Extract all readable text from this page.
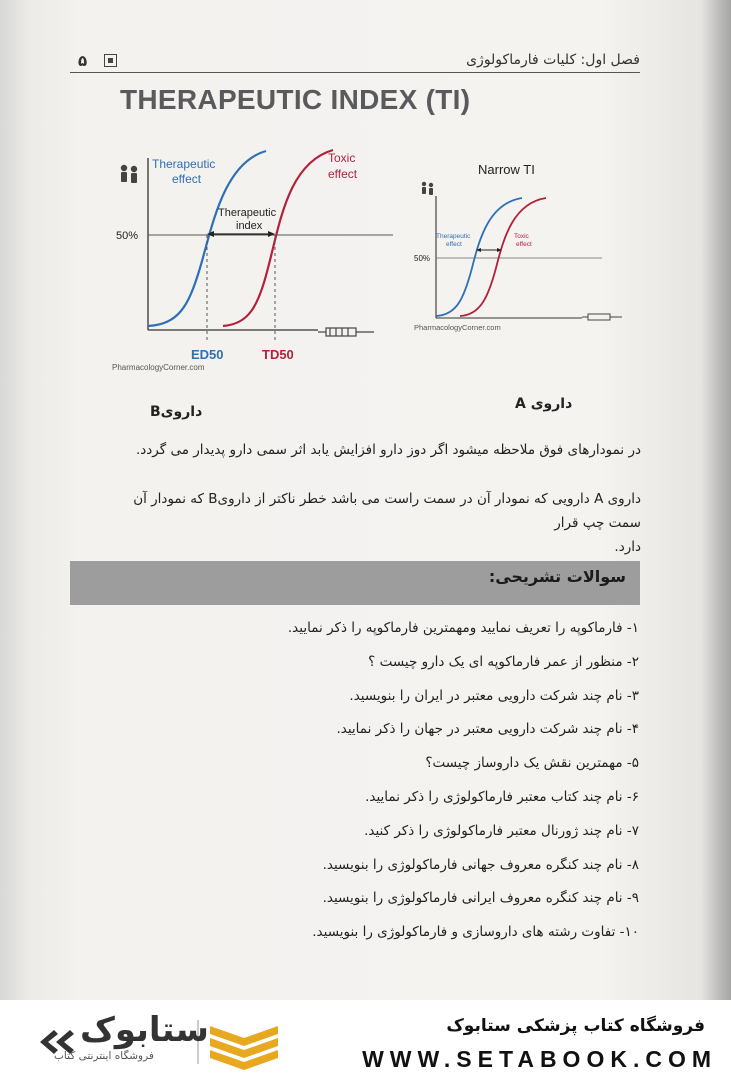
فصل اول: کلیات فارماکولوژی
۵
THERAPEUTIC INDEX (TI)
50%
Therapeutic
index
Therapeutic
effect
Toxic
effect
ED50	TD50
PharmacologyCorner.com
Narrow TI
50%
Therapeutic
effect
Toxic
effect
PharmacologyCorner.com
دارویB	داروی A
در نمودارهای فوق ملاحظه میشود اگر دوز دارو افزایش یابد اثر سمی دارو پدیدار می گردد.
داروی A دارویی که نمودار آن در سمت راست می باشد خطر ناکتر از دارویB که نمودار آن سمت چپ قرار
دارد.
سوالات تشریحی:
۱- فارماکوپه را تعریف نمایید ومهمترین فارماکوپه را ذکر نمایید.
۲- منظور از عمر فارماکوپه ای یک دارو چیست ؟
۳- نام چند شرکت دارویی معتبر در ایران را بنویسید.
۴- نام چند شرکت دارویی معتبر در جهان را ذکر نمایید.
۵- مهمترین نقش یک داروساز چیست؟
۶- نام چند کتاب معتبر فارماکولوژی را ذکر نمایید.
۷- نام چند ژورنال معتبر فارماکولوژی را ذکر کنید.
۸- نام چند کنگره معروف جهانی فارماکولوژی را بنویسید.
۹- نام چند کنگره معروف ایرانی فارماکولوژی را بنویسید.
۱۰- تفاوت رشته های داروسازی و فارماکولوژی را بنویسید.
ستابوک
فروشگاه اینترنتی کتاب
فروشگاه کتاب پزشکی ستابوک
WWW.SETABOOK.COM
